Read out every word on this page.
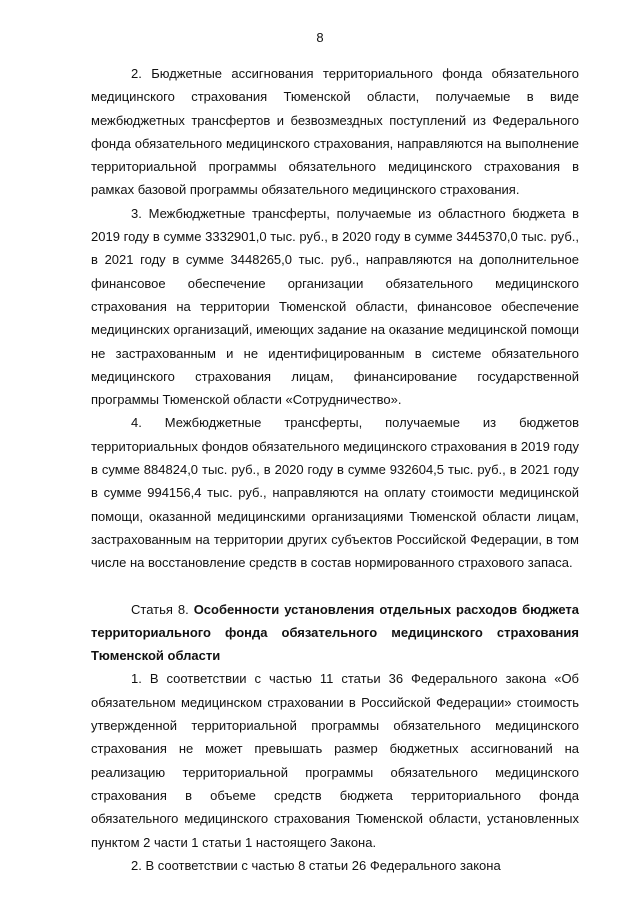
8

2. Бюджетные ассигнования территориального фонда обязательного медицинского страхования Тюменской области, получаемые в виде межбюджетных трансфертов и безвозмездных поступлений из Федерального фонда обязательного медицинского страхования, направляются на выполнение территориальной программы обязательного медицинского страхования в рамках базовой программы обязательного медицинского страхования.

3. Межбюджетные трансферты, получаемые из областного бюджета в 2019 году в сумме 3332901,0 тыс. руб., в 2020 году в сумме 3445370,0 тыс. руб., в 2021 году в сумме 3448265,0 тыс. руб., направляются на дополнительное финансовое обеспечение организации обязательного медицинского страхования на территории Тюменской области, финансовое обеспечение медицинских организаций, имеющих задание на оказание медицинской помощи не застрахованным и не идентифицированным в системе обязательного медицинского страхования лицам, финансирование государственной программы Тюменской области «Сотрудничество».

4. Межбюджетные трансферты, получаемые из бюджетов территориальных фондов обязательного медицинского страхования в 2019 году в сумме 884824,0 тыс. руб., в 2020 году в сумме 932604,5 тыс. руб., в 2021 году в сумме 994156,4 тыс. руб., направляются на оплату стоимости медицинской помощи, оказанной медицинскими организациями Тюменской области лицам, застрахованным на территории других субъектов Российской Федерации, в том числе на восстановление средств в состав нормированного страхового запаса.

Статья 8. Особенности установления отдельных расходов бюджета территориального фонда обязательного медицинского страхования Тюменской области

1. В соответствии с частью 11 статьи 36 Федерального закона «Об обязательном медицинском страховании в Российской Федерации» стоимость утвержденной территориальной программы обязательного медицинского страхования не может превышать размер бюджетных ассигнований на реализацию территориальной программы обязательного медицинского страхования в объеме средств бюджета территориального фонда обязательного медицинского страхования Тюменской области, установленных пунктом 2 части 1 статьи 1 настоящего Закона.

2. В соответствии с частью 8 статьи 26 Федерального закона
